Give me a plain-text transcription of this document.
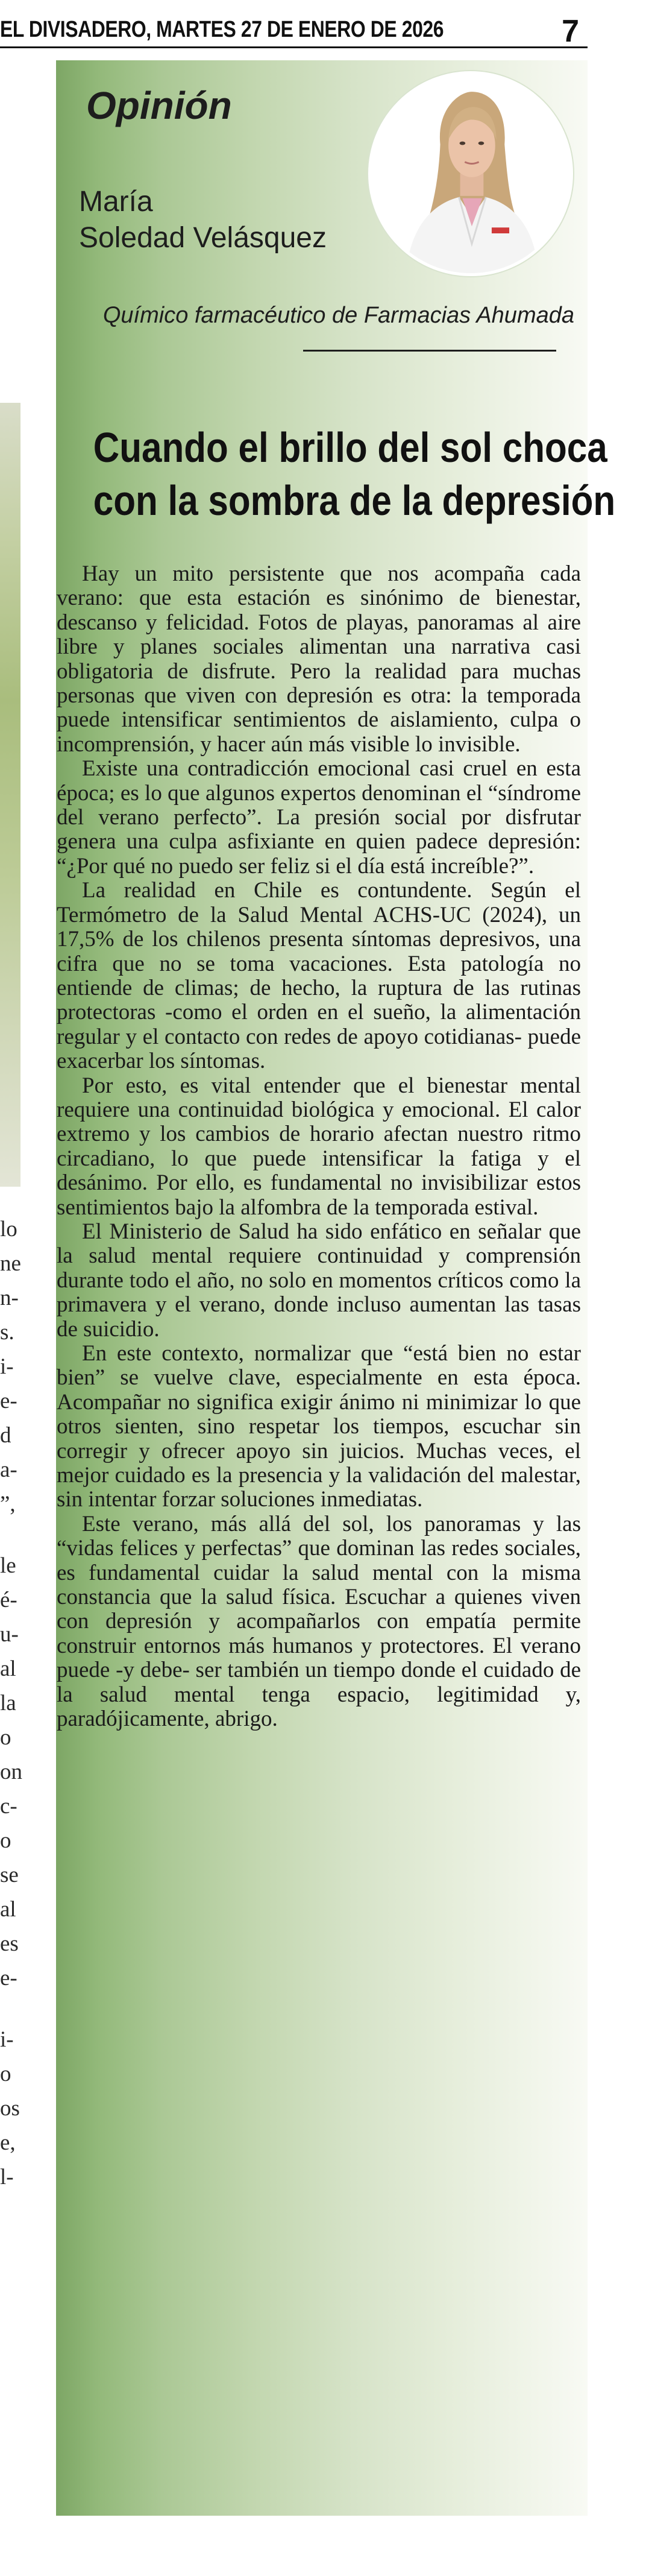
EL DIVISADERO, MARTES 27 DE ENERO DE 2026	7
lo
ne
n-
s.
i-
e-
d
a-
”,
le
é-
u-
al
la
o
on
c-
o
se
al
es
e-
i-
o
os
e,
l-
Opinión
María
Soledad Velásquez
Químico farmacéutico de Farmacias Ahumada
Cuando el brillo del sol choca
con la sombra de la depresión

Hay un mito persistente que nos acompaña cada verano: que esta estación es sinónimo de bienestar, descanso y felicidad. Fotos de playas, panoramas al aire libre y planes sociales alimentan una narrativa casi obligatoria de disfrute. Pero la realidad para muchas personas que viven con depresión es otra: la temporada puede intensificar sentimientos de aislamiento, culpa o incomprensión, y hacer aún más visible lo invisible.

Existe una contradicción emocional casi cruel en esta época; es lo que algunos expertos denominan el “síndrome del verano perfecto”. La presión social por disfrutar genera una culpa asfixiante en quien padece depresión: “¿Por qué no puedo ser feliz si el día está increíble?”.

La realidad en Chile es contundente. Según el Termómetro de la Salud Mental ACHS-UC (2024), un 17,5% de los chilenos presenta síntomas depresivos, una cifra que no se toma vacaciones. Esta patología no entiende de climas; de hecho, la ruptura de las rutinas protectoras -como el orden en el sueño, la alimentación regular y el contacto con redes de apoyo cotidianas- puede exacerbar los síntomas.

Por esto, es vital entender que el bienestar mental requiere una continuidad biológica y emocional. El calor extremo y los cambios de horario afectan nuestro ritmo circadiano, lo que puede intensificar la fatiga y el desánimo. Por ello, es fundamental no invisibilizar estos sentimientos bajo la alfombra de la temporada estival.

El Ministerio de Salud ha sido enfático en señalar que la salud mental requiere continuidad y comprensión durante todo el año, no solo en momentos críticos como la primavera y el verano, donde incluso aumentan las tasas de suicidio.

En este contexto, normalizar que “está bien no estar bien” se vuelve clave, especialmente en esta época. Acompañar no significa exigir ánimo ni minimizar lo que otros sienten, sino respetar los tiempos, escuchar sin corregir y ofrecer apoyo sin juicios. Muchas veces, el mejor cuidado es la presencia y la validación del malestar, sin intentar forzar soluciones inmediatas.

Este verano, más allá del sol, los panoramas y las “vidas felices y perfectas” que dominan las redes sociales, es fundamental cuidar la salud mental con la misma constancia que la salud física. Escuchar a quienes viven con depresión y acompañarlos con empatía permite construir entornos más humanos y protectores. El verano puede -y debe- ser también un tiempo donde el cuidado de la salud mental tenga espacio, legitimidad y, paradójicamente, abrigo.
